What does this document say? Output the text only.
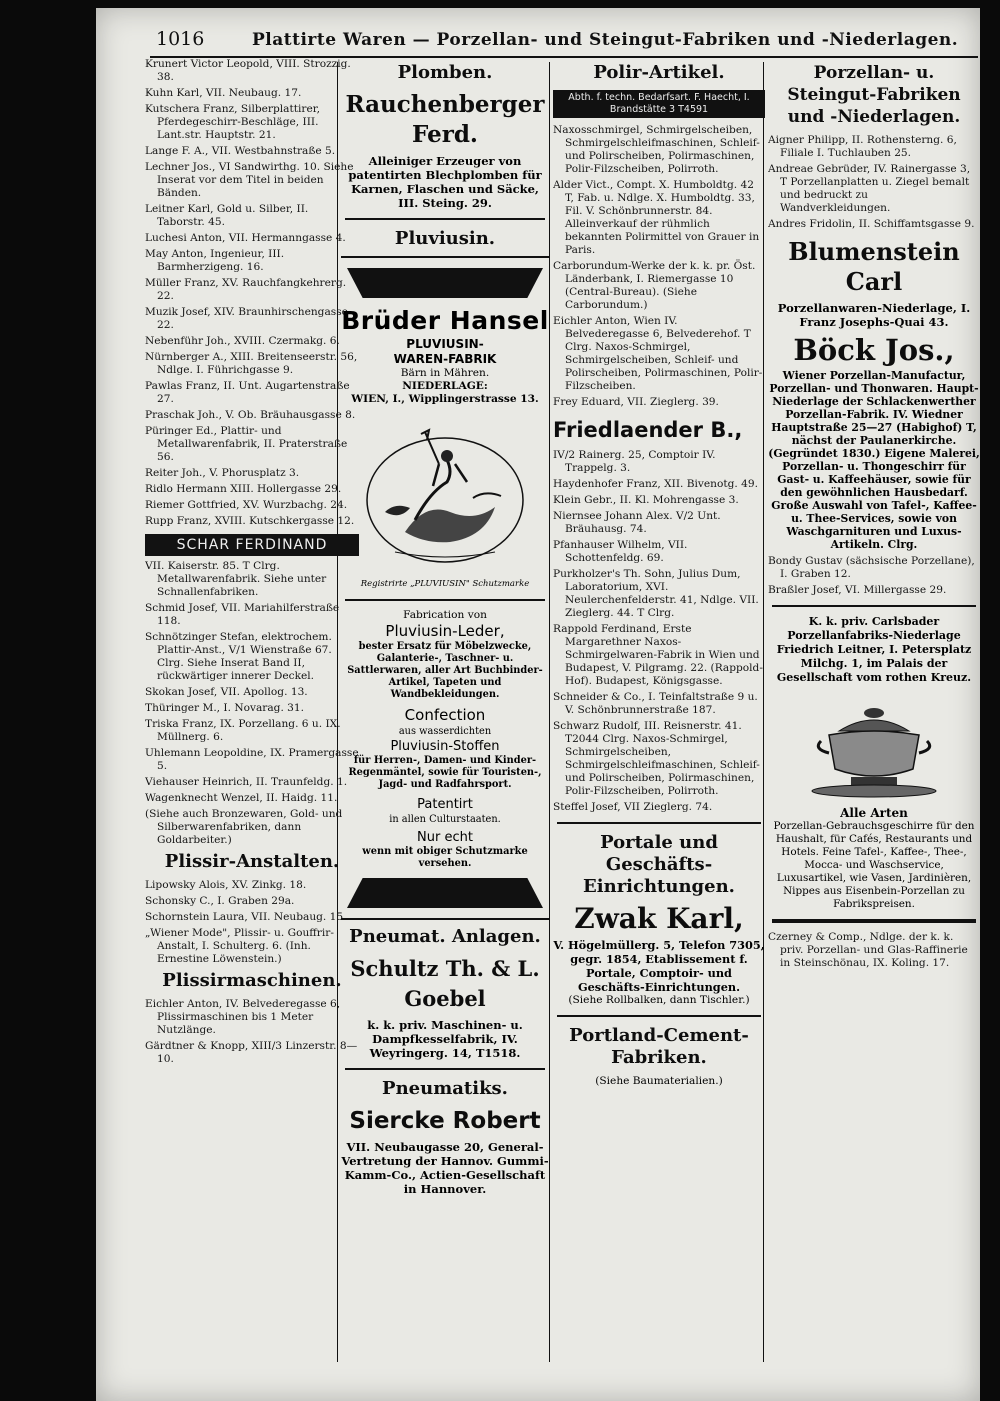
1016	Plattirte Waren — Porzellan- und Steingut-Fabriken und -Niederlagen.
Krunert Victor Leopold, VIII. Strozzig. 38.
Kuhn Karl, VII. Neubaug. 17.
Kutschera Franz, Silberplattirer, Pferdegeschirr-Beschläge, III. Lant.str. Hauptstr. 21.
Lange F. A., VII. Westbahnstraße 5.
Lechner Jos., VI Sandwirthg. 10. Siehe Inserat vor dem Titel in beiden Bänden.
Leitner Karl, Gold u. Silber, II. Taborstr. 45.
Luchesi Anton, VII. Hermanngasse 4.
May Anton, Ingenieur, III. Barmherzigeng. 16.
Müller Franz, XV. Rauchfangkehrerg. 22.
Muzik Josef, XIV. Braunhirschengasse 22.
Nebenführ Joh., XVIII. Czermakg. 6.
Nürnberger A., XIII. Breitenseerstr. 56, Ndlge. I. Führichgasse 9.
Pawlas Franz, II. Unt. Augartenstraße 27.
Praschak Joh., V. Ob. Bräuhausgasse 8.
Püringer Ed., Plattir- und Metallwarenfabrik, II. Praterstraße 56.
Reiter Joh., V. Phorusplatz 3.
Ridlo Hermann XIII. Hollergasse 29.
Riemer Gottfried, XV. Wurzbachg. 24.
Rupp Franz, XVIII. Kutschkergasse 12.
SCHAR FERDINAND
VII. Kaiserstr. 85. T Clrg. Metallwarenfabrik. Siehe unter Schnallenfabriken.
Schmid Josef, VII. Mariahilferstraße 118.
Schnötzinger Stefan, elektrochem. Plattir-Anst., V/1 Wienstraße 67. Clrg. Siehe Inserat Band II, rückwärtiger innerer Deckel.
Skokan Josef, VII. Apollog. 13.
Thüringer M., I. Novarag. 31.
Triska Franz, IX. Porzellang. 6 u. IX. Müllnerg. 6.
Uhlemann Leopoldine, IX. Pramergasse 5.
Viehauser Heinrich, II. Traunfeldg. 1.
Wagenknecht Wenzel, II. Haidg. 11.
(Siehe auch Bronzewaren, Gold- und Silberwarenfabriken, dann Goldarbeiter.)
Plissir-Anstalten.
Lipowsky Alois, XV. Zinkg. 18.
Schonsky C., I. Graben 29a.
Schornstein Laura, VII. Neubaug. 15.
„Wiener Mode", Plissir- u. Gouffrir-Anstalt, I. Schulterg. 6. (Inh. Ernestine Löwenstein.)
Plissirmaschinen.
Eichler Anton, IV. Belvederegasse 6, Plissirmaschinen bis 1 Meter Nutzlänge.
Gärdtner & Knopp, XIII/3 Linzerstr. 8—10.
Plomben.
Rauchenberger Ferd.
Alleiniger Erzeuger von patentirten Blechplomben für Karnen, Flaschen und Säcke, III. Steing. 29.
Pluviusin.
Brüder Hansel
PLUVIUSIN-
WAREN-FABRIK
Bärn in Mähren.
NIEDERLAGE:
WIEN, I., Wipplingerstrasse 13.
Registrirte „PLUVIUSIN" Schutzmarke
Fabrication von
Pluviusin-Leder,
bester Ersatz für Möbelzwecke, Galanterie-, Taschner- u. Sattlerwaren, aller Art Buchbinder-Artikel, Tapeten und Wandbekleidungen.
Confection
aus wasserdichten
Pluviusin-Stoffen
für Herren-, Damen- und Kinder-Regenmäntel, sowie für Touristen-, Jagd- und Radfahrsport.
Patentirt
in allen Culturstaaten.
Nur echt
wenn mit obiger Schutzmarke versehen.
Pneumat. Anlagen.
Schultz Th. & L. Goebel
k. k. priv. Maschinen- u. Dampfkesselfabrik, IV. Weyringerg. 14, T1518.
Pneumatiks.
Siercke Robert
VII. Neubaugasse 20, General-Vertretung der Hannov. Gummi-Kamm-Co., Actien-Gesellschaft in Hannover.
Polir-Artikel.
Abth. f. techn. Bedarfsart. F. Haecht, I. Brandstätte 3 T4591
Naxosschmirgel, Schmirgelscheiben, Schmirgelschleifmaschinen, Schleif- und Polirscheiben, Polirmaschinen, Polir-Filzscheiben, Polirroth.
Alder Vict., Compt. X. Humboldtg. 42 T, Fab. u. Ndlge. X. Humboldtg. 33, Fil. V. Schönbrunnerstr. 84. Alleinverkauf der rühmlich bekannten Polirmittel von Grauer in Paris.
Carborundum-Werke der k. k. pr. Öst. Länderbank, I. Riemergasse 10 (Central-Bureau). (Siehe Carborundum.)
Eichler Anton, Wien IV. Belvederegasse 6, Belvederehof. T Clrg. Naxos-Schmirgel, Schmirgelscheiben, Schleif- und Polirscheiben, Polirmaschinen, Polir-Filzscheiben.
Frey Eduard, VII. Zieglerg. 39.
Friedlaender B.,
IV/2 Rainerg. 25, Comptoir IV. Trappelg. 3.
Haydenhofer Franz, XII. Bivenotg. 49.
Klein Gebr., II. Kl. Mohrengasse 3.
Niernsee Johann Alex. V/2 Unt. Bräuhausg. 74.
Pfanhauser Wilhelm, VII. Schottenfeldg. 69.
Purkholzer's Th. Sohn, Julius Dum, Laboratorium, XVI. Neulerchenfelderstr. 41, Ndlge. VII. Zieglerg. 44. T Clrg.
Rappold Ferdinand, Erste Margarethner Naxos-Schmirgelwaren-Fabrik in Wien und Budapest, V. Pilgramg. 22. (Rappold-Hof). Budapest, Königsgasse.
Schneider & Co., I. Teinfaltstraße 9 u. V. Schönbrunnerstraße 187.
Schwarz Rudolf, III. Reisnerstr. 41. T2044 Clrg. Naxos-Schmirgel, Schmirgelscheiben, Schmirgelschleifmaschinen, Schleif- und Polirscheiben, Polirmaschinen, Polir-Filzscheiben, Polirroth.
Steffel Josef, VII Zieglerg. 74.
Portale und Geschäfts-Einrichtungen.
Zwak Karl,
V. Högelmüllerg. 5, Telefon 7305, gegr. 1854, Etablissement f. Portale, Comptoir- und Geschäfts-Einrichtungen.
(Siehe Rollbalken, dann Tischler.)
Portland-Cement-Fabriken.
(Siehe Baumaterialien.)
Porzellan- u. Steingut-Fabriken und -Niederlagen.
Aigner Philipp, II. Rothensterng. 6, Filiale I. Tuchlauben 25.
Andreae Gebrüder, IV. Rainergasse 3, T Porzellanplatten u. Ziegel bemalt und bedruckt zu Wandverkleidungen.
Andres Fridolin, II. Schiffamtsgasse 9.
Blumenstein Carl
Porzellanwaren-Niederlage, I. Franz Josephs-Quai 43.
Böck Jos.,
Wiener Porzellan-Manufactur, Porzellan- und Thonwaren. Haupt-Niederlage der Schlackenwerther Porzellan-Fabrik. IV. Wiedner Hauptstraße 25—27 (Habighof) T, nächst der Paulanerkirche. (Gegründet 1830.) Eigene Malerei, Porzellan- u. Thongeschirr für Gast- u. Kaffeehäuser, sowie für den gewöhnlichen Hausbedarf. Große Auswahl von Tafel-, Kaffee- u. Thee-Services, sowie von Waschgarnituren und Luxus-Artikeln. Clrg.
Bondy Gustav (sächsische Porzellane), I. Graben 12.
Braßler Josef, VI. Millergasse 29.
K. k. priv. Carlsbader Porzellanfabriks-Niederlage Friedrich Leitner, I. Petersplatz Milchg. 1, im Palais der Gesellschaft vom rothen Kreuz.
Alle Arten
Porzellan-Gebrauchsgeschirre für den Haushalt, für Cafés, Restaurants und Hotels. Feine Tafel-, Kaffee-, Thee-, Mocca- und Waschservice, Luxusartikel, wie Vasen, Jardinièren, Nippes aus Eisenbein-Porzellan zu Fabrikspreisen.
Czerney & Comp., Ndlge. der k. k. priv. Porzellan- und Glas-Raffinerie in Steinschönau, IX. Koling. 17.
